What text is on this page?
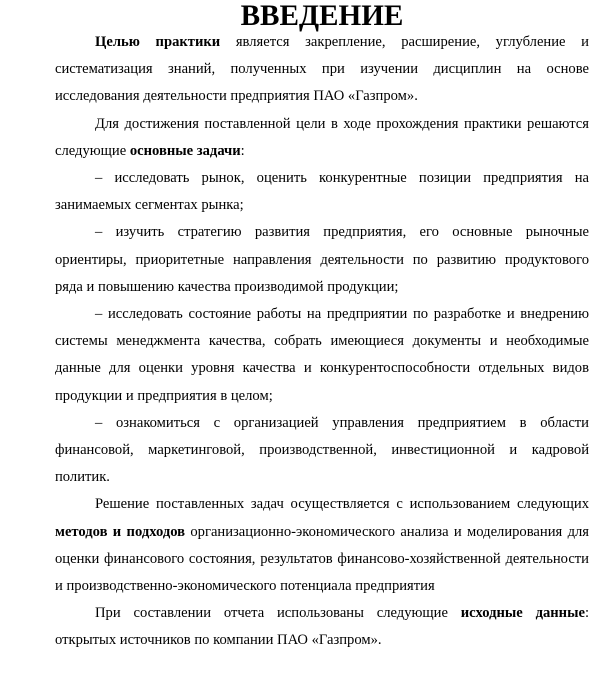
ВВЕДЕНИЕ

Целью практики является закрепление, расширение, углубление и систематизация знаний, полученных при изучении дисциплин на основе исследования деятельности предприятия ПАО «Газпром».

Для достижения поставленной цели в ходе прохождения практики решаются следующие основные задачи:

– исследовать рынок, оценить конкурентные позиции предприятия на занимаемых сегментах рынка;

– изучить стратегию развития предприятия, его основные рыночные ориентиры, приоритетные направления деятельности по развитию продуктового ряда и повышению качества производимой продукции;

– исследовать состояние работы на предприятии по разработке и внедрению системы менеджмента качества, собрать имеющиеся документы и необходимые данные для оценки уровня качества и конкурентоспособности отдельных видов продукции и предприятия в целом;

– ознакомиться с организацией управления предприятием в области финансовой, маркетинговой, производственной, инвестиционной и кадровой политик.

Решение поставленных задач осуществляется с использованием следующих методов и подходов организационно-экономического анализа и моделирования для оценки финансового состояния, результатов финансово-хозяйственной деятельности и производственно-экономического потенциала предприятия

При составлении отчета использованы следующие исходные данные: открытых источников по компании ПАО «Газпром».
